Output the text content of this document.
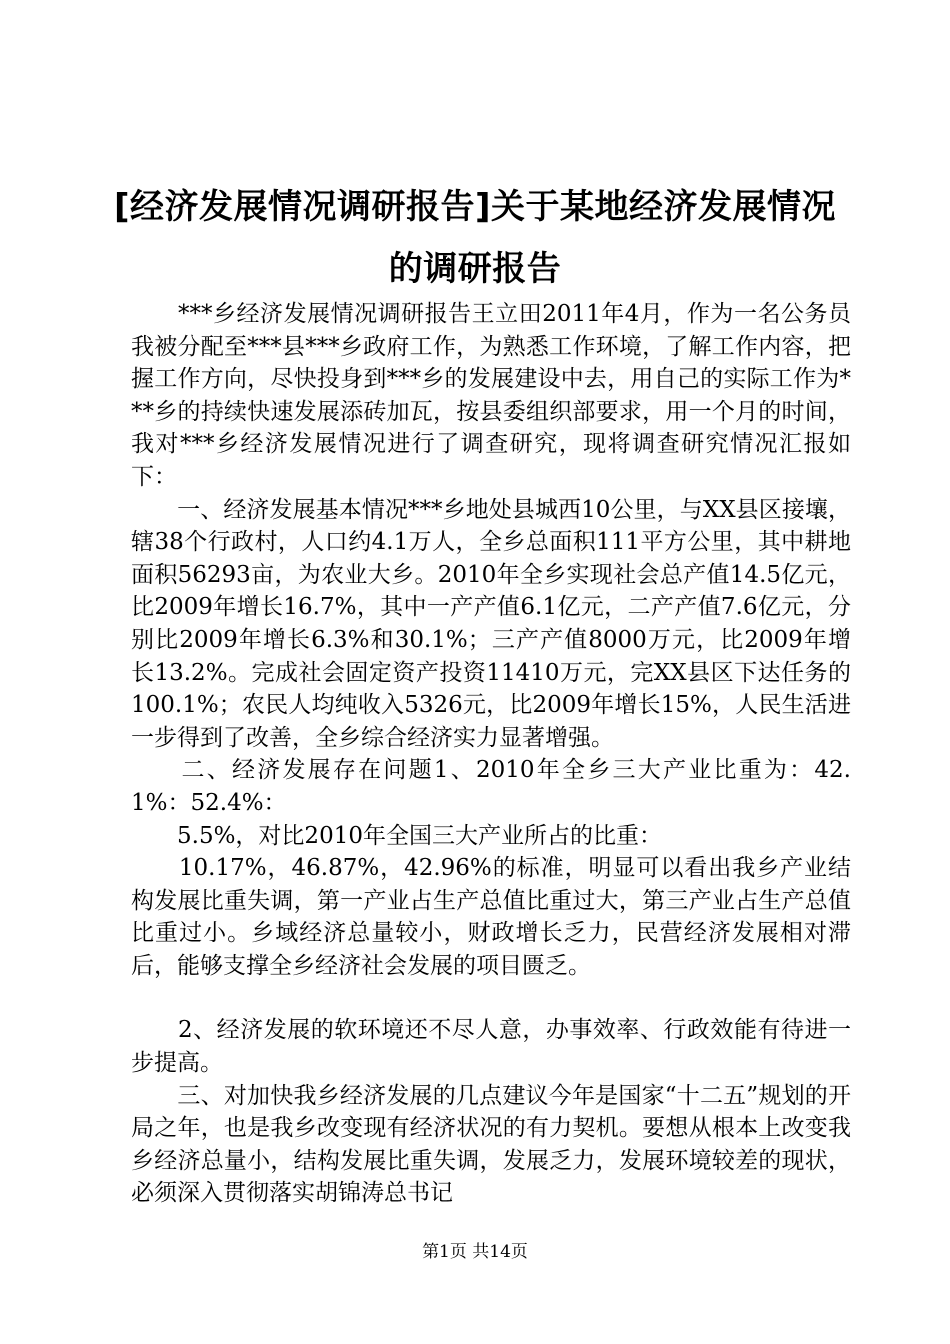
[经济发展情况调研报告]关于某地经济发展情况的调研报告

　　***乡经济发展情况调研报告王立田2011年4月，作为一名公务员我被分配至***县***乡政府工作，为熟悉工作环境，了解工作内容，把握工作方向，尽快投身到***乡的发展建设中去，用自己的实际工作为***乡的持续快速发展添砖加瓦，按县委组织部要求，用一个月的时间，我对***乡经济发展情况进行了调查研究，现将调查研究情况汇报如下：

　　一、经济发展基本情况***乡地处县城西10公里，与XX县区接壤，辖38个行政村，人口约4.1万人，全乡总面积111平方公里，其中耕地面积56293亩，为农业大乡。2010年全乡实现社会总产值14.5亿元，比2009年增长16.7%，其中一产产值6.1亿元，二产产值7.6亿元，分别比2009年增长6.3%和30.1%；三产产值8000万元，比2009年增长13.2%。完成社会固定资产投资11410万元，完XX县区下达任务的100.1%；农民人均纯收入5326元，比2009年增长15%，人民生活进一步得到了改善，全乡综合经济实力显著增强。

　　二、经济发展存在问题1、2010年全乡三大产业比重为：42.1%：52.4%：

　　5.5%，对比2010年全国三大产业所占的比重：

　　10.17%，46.87%，42.96%的标准，明显可以看出我乡产业结构发展比重失调，第一产业占生产总值比重过大，第三产业占生产总值比重过小。乡域经济总量较小，财政增长乏力，民营经济发展相对滞后，能够支撑全乡经济社会发展的项目匮乏。

　　2、经济发展的软环境还不尽人意，办事效率、行政效能有待进一步提高。

　　三、对加快我乡经济发展的几点建议今年是国家“十二五”规划的开局之年，也是我乡改变现有经济状况的有力契机。要想从根本上改变我乡经济总量小，结构发展比重失调，发展乏力，发展环境较差的现状，必须深入贯彻落实胡锦涛总书记

第1页 共14页
